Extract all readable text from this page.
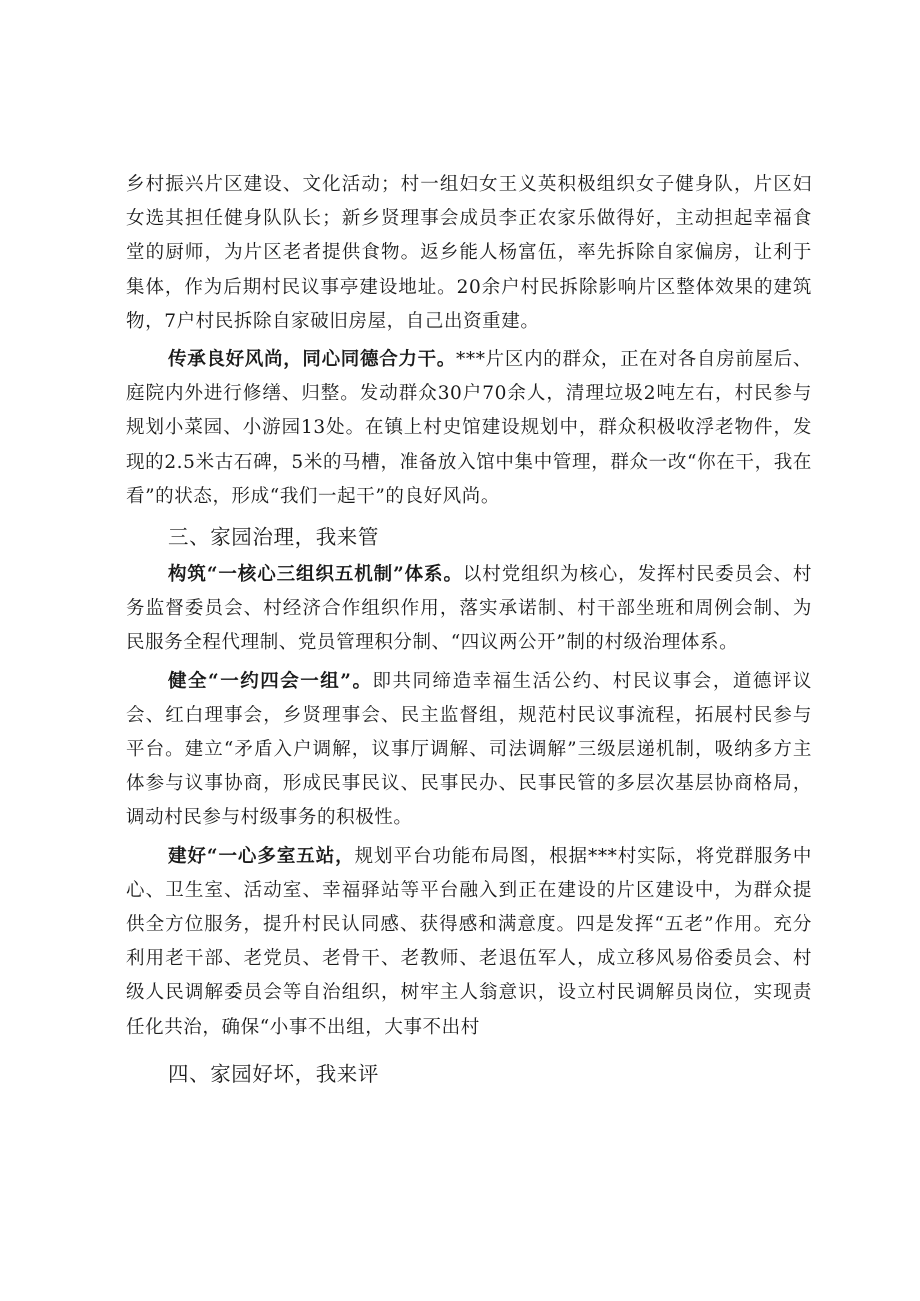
乡村振兴片区建设、文化活动；村一组妇女王义英积极组织女子健身队，片区妇女选其担任健身队队长；新乡贤理事会成员李正农家乐做得好，主动担起幸福食堂的厨师，为片区老者提供食物。返乡能人杨富伍，率先拆除自家偏房，让利于集体，作为后期村民议事亭建设地址。20余户村民拆除影响片区整体效果的建筑物，7户村民拆除自家破旧房屋，自己出资重建。

传承良好风尚，同心同德合力干。***片区内的群众，正在对各自房前屋后、庭院内外进行修缮、归整。发动群众30户70余人，清理垃圾2吨左右，村民参与规划小菜园、小游园13处。在镇上村史馆建设规划中，群众积极收浮老物件，发现的2.5米古石碑，5米的马槽，准备放入馆中集中管理，群众一改“你在干，我在看”的状态，形成“我们一起干”的良好风尚。

三、家园治理，我来管

构筑“一核心三组织五机制”体系。以村党组织为核心，发挥村民委员会、村务监督委员会、村经济合作组织作用，落实承诺制、村干部坐班和周例会制、为民服务全程代理制、党员管理积分制、“四议两公开”制的村级治理体系。

健全“一约四会一组”。即共同缔造幸福生活公约、村民议事会，道德评议会、红白理事会，乡贤理事会、民主监督组，规范村民议事流程，拓展村民参与平台。建立“矛盾入户调解，议事厅调解、司法调解”三级层递机制，吸纳多方主体参与议事协商，形成民事民议、民事民办、民事民管的多层次基层协商格局，调动村民参与村级事务的积极性。

建好“一心多室五站，规划平台功能布局图，根据***村实际，将党群服务中心、卫生室、活动室、幸福驿站等平台融入到正在建设的片区建设中，为群众提供全方位服务，提升村民认同感、获得感和满意度。四是发挥“五老”作用。充分利用老干部、老党员、老骨干、老教师、老退伍军人，成立移风易俗委员会、村级人民调解委员会等自治组织，树牢主人翁意识，设立村民调解员岗位，实现责任化共治，确保“小事不出组，大事不出村

四、家园好坏，我来评
